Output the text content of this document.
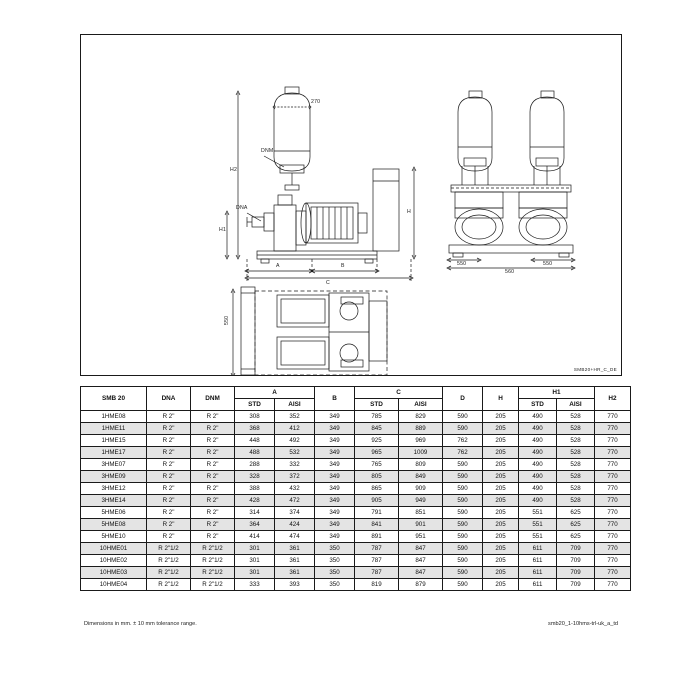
DNM
DNA
H1
H2
H
A	B
C
270
550
550	550
560
SMB20+HR_C_DE
SMB 20	DNA	DNM	A		B	C		D	H	H1		H2
			STD	AISI		STD	AISI			STD	AISI	
1HME08	R 2"	R 2"	308	352	349	785	829	590	205	490	528	770
1HME11	R 2"	R 2"	368	412	349	845	889	590	205	490	528	770
1HME15	R 2"	R 2"	448	492	349	925	969	762	205	490	528	770
1HME17	R 2"	R 2"	488	532	349	965	1009	762	205	490	528	770
3HME07	R 2"	R 2"	288	332	349	765	809	590	205	490	528	770
3HME09	R 2"	R 2"	328	372	349	805	849	590	205	490	528	770
3HME12	R 2"	R 2"	388	432	349	865	909	590	205	490	528	770
3HME14	R 2"	R 2"	428	472	349	905	949	590	205	490	528	770
5HME06	R 2"	R 2"	314	374	349	791	851	590	205	551	625	770
5HME08	R 2"	R 2"	364	424	349	841	901	590	205	551	625	770
5HME10	R 2"	R 2"	414	474	349	891	951	590	205	551	625	770
10HME01	R 2"1/2	R 2"1/2	301	361	350	787	847	590	205	611	709	770
10HME02	R 2"1/2	R 2"1/2	301	361	350	787	847	590	205	611	709	770
10HME03	R 2"1/2	R 2"1/2	301	361	350	787	847	590	205	611	709	770
10HME04	R 2"1/2	R 2"1/2	333	393	350	819	879	590	205	611	709	770
Dimensions in mm. ± 10 mm tolerance range.	smb20_1-10hms-trl-uk_a_td
